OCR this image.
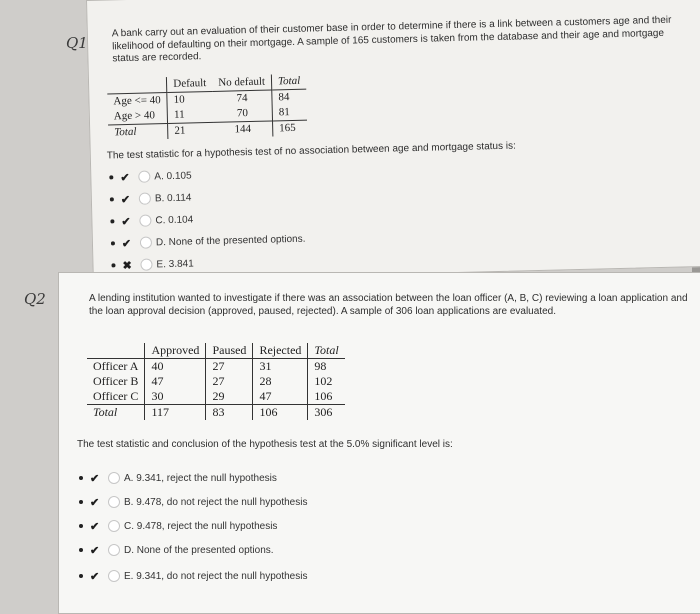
A bank carry out an evaluation of their customer base in order to determine if there is a link between a customers age and their likelihood of defaulting on their mortgage. A sample of 165 customers is taken from the database and their age and mortgage status are recorded.
	Default	No default	Total
Age <= 40	10	74	84
Age > 40	11	70	81
Total	21	144	165
The test statistic for a hypothesis test of no association between age and mortgage status is:
✔	A. 0.105
✔	B. 0.114
✔	C. 0.104
✔	D. None of the presented options.
✖	E. 3.841
Q1
Q2	A lending institution wanted to investigate if there was an association between the loan officer (A, B, C) reviewing a loan application and the loan approval decision (approved, paused, rejected). A sample of 306 loan applications are evaluated.
	Approved	Paused	Rejected	Total
Officer A	40	27	31	98
Officer B	47	27	28	102
Officer C	30	29	47	106
Total	117	83	106	306
The test statistic and conclusion of the hypothesis test at the 5.0% significant level is:
✔	A. 9.341, reject the null hypothesis
✔	B. 9.478, do not reject the null hypothesis
✔	C. 9.478, reject the null hypothesis
✔	D. None of the presented options.
✔	E. 9.341, do not reject the null hypothesis
